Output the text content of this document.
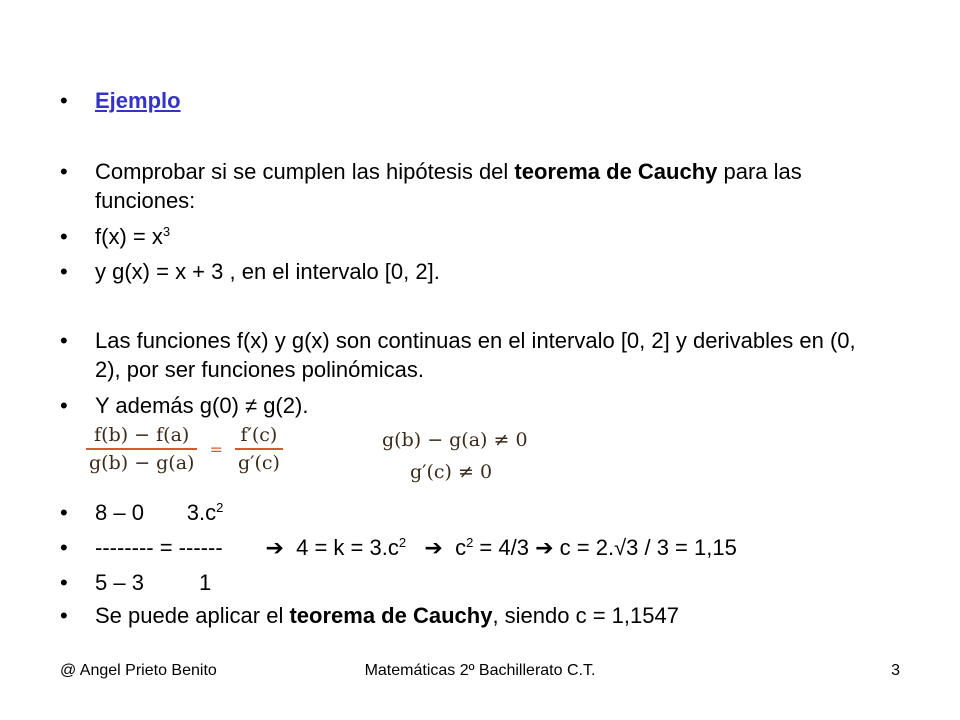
•	Ejemplo
•	Comprobar si se cumplen las hipótesis del teorema de Cauchy para las funciones:
•	$f(x) = x^3$
•	y g(x) = x + 3 , en el intervalo [0, 2].
•	Las funciones f(x) y g(x) son continuas en el intervalo [0, 2] y derivables en (0, 2), por ser funciones polinómicas.
•	Y además g(0) ≠ g(2).
$\frac{f(b) - f(a)}{g(b) - g(a)} = \frac{f'(c)}{g'(c)}$	g(b) − g(a) ≠ 0
g′(c) ≠ 0
•	8 – 0       $3.c^2$
•	-------- = ------       ➔  $4 = k = 3.c^2$ ➔  $c^2 = 4/3$ ➔ c = 2.√3 / 3 = 1,15
•	5 – 3         1
•	Se puede aplicar el teorema de Cauchy, siendo c = 1,1547
@ Angel Prieto Benito	Matemáticas 2º Bachillerato C.T.	3
